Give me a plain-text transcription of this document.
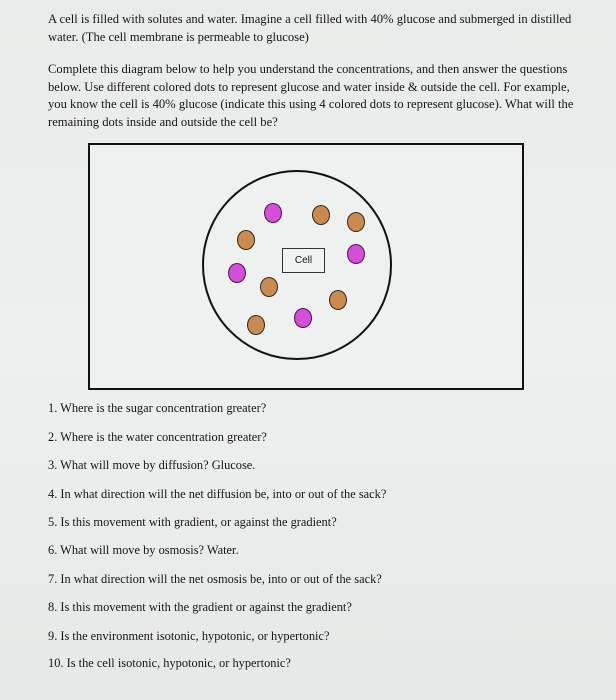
A cell is filled with solutes and water. Imagine a cell filled with 40% glucose and submerged in distilled water. (The cell membrane is permeable to glucose)

Complete this diagram below to help you understand the concentrations, and then answer the questions below. Use different colored dots to represent glucose and water inside & outside the cell. For example, you know the cell is 40% glucose (indicate this using 4 colored dots to represent glucose). What will the remaining dots inside and outside the cell be?

Cell

1. Where is the sugar concentration greater?

2. Where is the water concentration greater?

3. What will move by diffusion? Glucose.

4. In what direction will the net diffusion be, into or out of the sack?

5. Is this movement with gradient, or against the gradient?

6. What will move by osmosis? Water.

7. In what direction will the net osmosis be, into or out of the sack?

8. Is this movement with the gradient or against the gradient?

9. Is the environment isotonic, hypotonic, or hypertonic?

10. Is the cell isotonic, hypotonic, or hypertonic?
